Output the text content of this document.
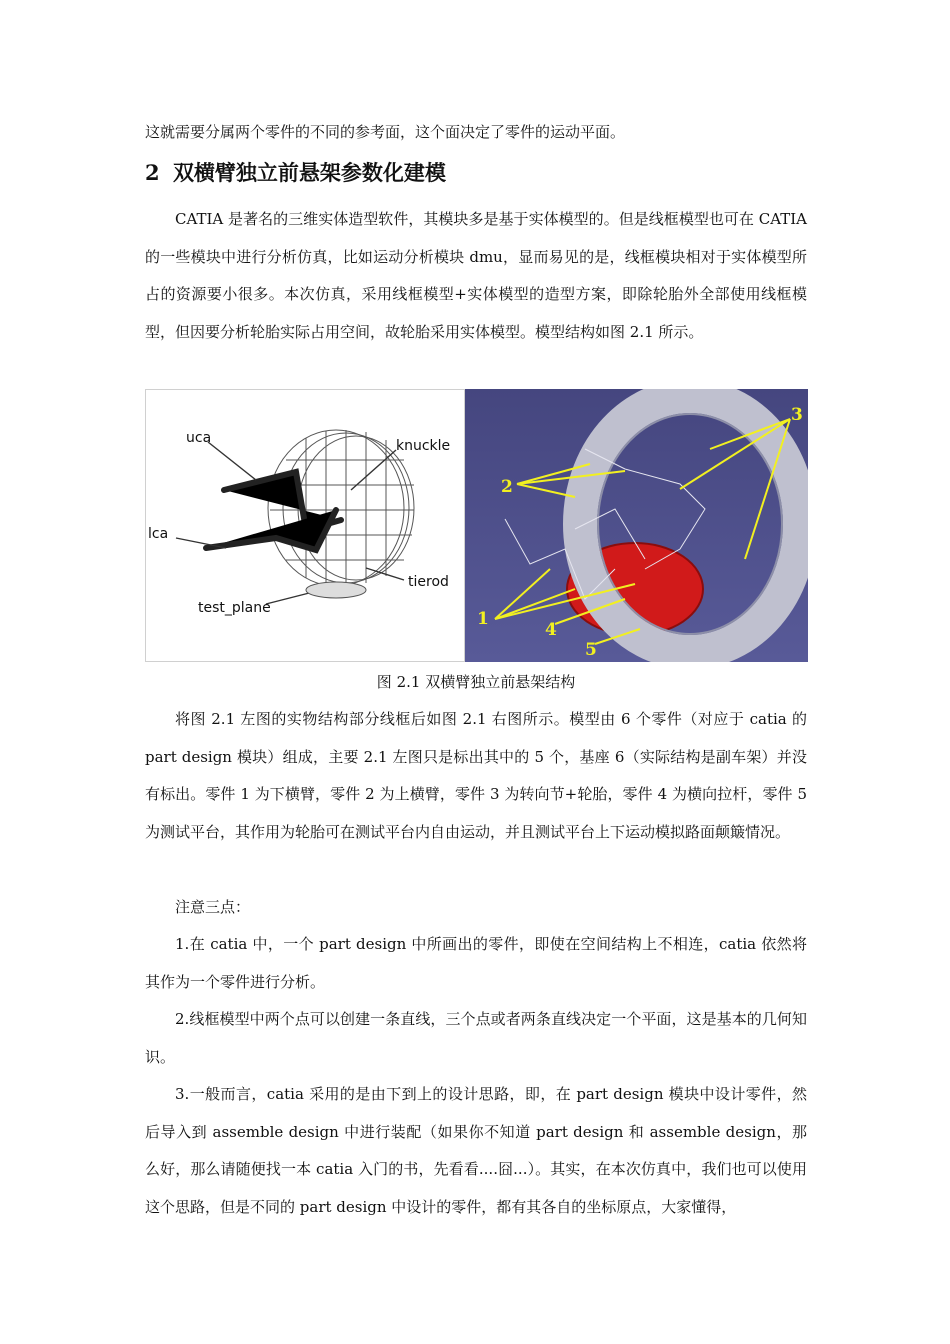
这就需要分属两个零件的不同的参考面，这个面决定了零件的运动平面。

2 双横臂独立前悬架参数化建模

CATIA 是著名的三维实体造型软件，其模块多是基于实体模型的。但是线框模型也可在 CATIA 的一些模块中进行分析仿真，比如运动分析模块 dmu，显而易见的是，线框模块相对于实体模型所占的资源要小很多。本次仿真，采用线框模型+实体模型的造型方案，即除轮胎外全部使用线框模型，但因要分析轮胎实际占用空间，故轮胎采用实体模型。模型结构如图 2.1 所示。

uca	knuckle
lca
tierod
test_plane
1
2
3
4
5

图 2.1 双横臂独立前悬架结构

将图 2.1 左图的实物结构部分线框后如图 2.1 右图所示。模型由 6 个零件（对应于 catia 的 part design 模块）组成，主要 2.1 左图只是标出其中的 5 个，基座 6（实际结构是副车架）并没有标出。零件 1 为下横臂，零件 2 为上横臂，零件 3 为转向节+轮胎，零件 4 为横向拉杆，零件 5 为测试平台，其作用为轮胎可在测试平台内自由运动，并且测试平台上下运动模拟路面颠簸情况。

注意三点：

1.在 catia 中，一个 part design 中所画出的零件，即使在空间结构上不相连，catia 依然将其作为一个零件进行分析。

2.线框模型中两个点可以创建一条直线，三个点或者两条直线决定一个平面，这是基本的几何知识。

3.一般而言，catia 采用的是由下到上的设计思路，即，在 part design 模块中设计零件，然后导入到 assemble design 中进行装配（如果你不知道 part design 和 assemble design，那么好，那么请随便找一本 catia 入门的书，先看看....囧...）。其实，在本次仿真中，我们也可以使用这个思路，但是不同的 part design 中设计的零件，都有其各自的坐标原点，大家懂得，
